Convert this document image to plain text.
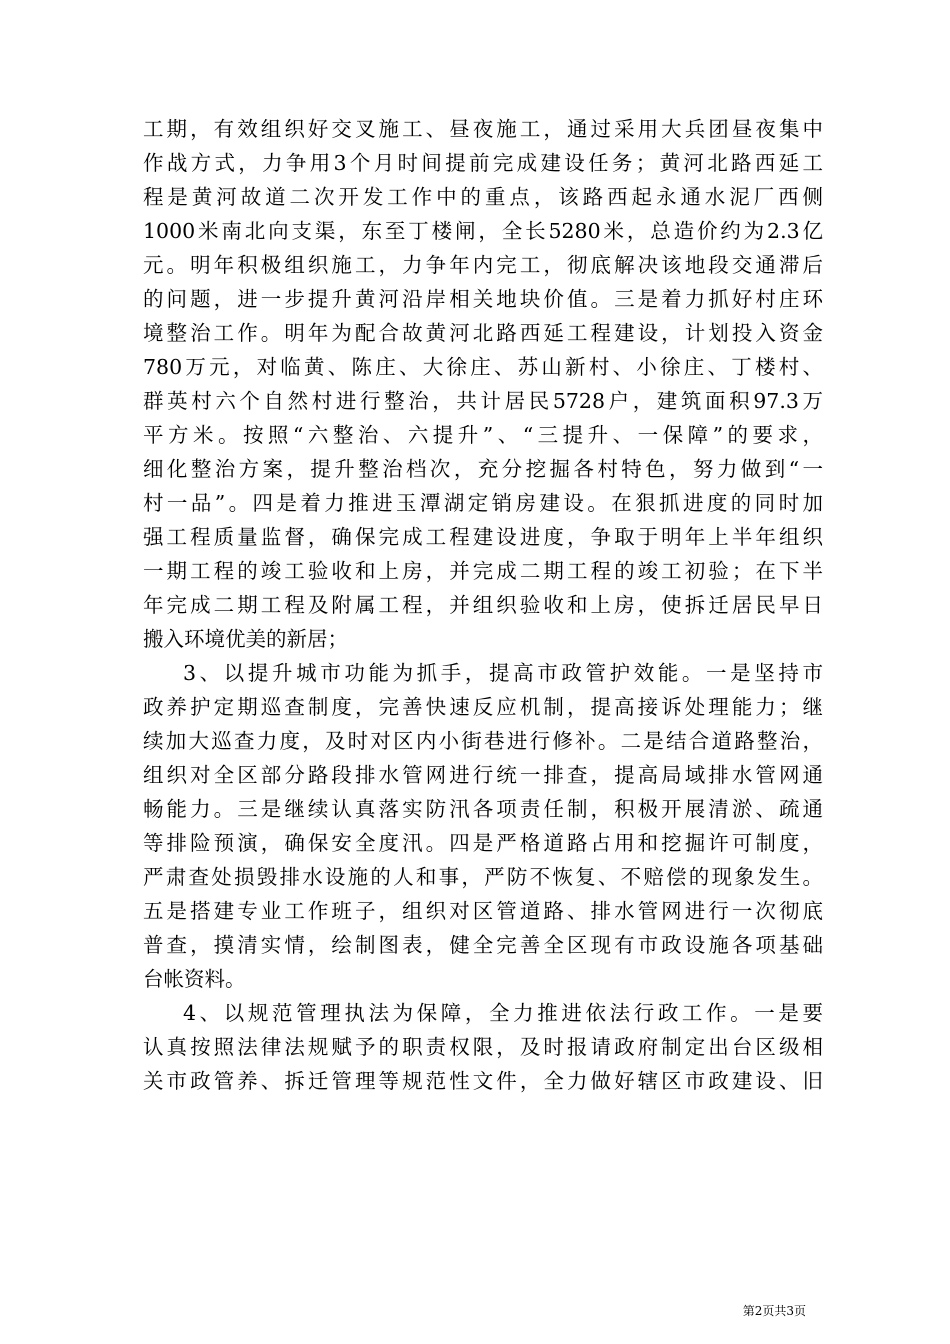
工期，有效组织好交叉施工、昼夜施工，通过采用大兵团昼夜集中
作战方式，力争用3个月时间提前完成建设任务；黄河北路西延工
程是黄河故道二次开发工作中的重点，该路西起永通水泥厂西侧
1000米南北向支渠，东至丁楼闸，全长5280米，总造价约为2.3亿
元。明年积极组织施工，力争年内完工，彻底解决该地段交通滞后
的问题，进一步提升黄河沿岸相关地块价值。三是着力抓好村庄环
境整治工作。明年为配合故黄河北路西延工程建设，计划投入资金
780万元，对临黄、陈庄、大徐庄、苏山新村、小徐庄、丁楼村、
群英村六个自然村进行整治，共计居民5728户，建筑面积97.3万
平方米。按照“六整治、六提升”、“三提升、一保障”的要求，
细化整治方案，提升整治档次，充分挖掘各村特色，努力做到“一
村一品”。四是着力推进玉潭湖定销房建设。在狠抓进度的同时加
强工程质量监督，确保完成工程建设进度，争取于明年上半年组织
一期工程的竣工验收和上房，并完成二期工程的竣工初验；在下半
年完成二期工程及附属工程，并组织验收和上房，使拆迁居民早日
搬入环境优美的新居；
3、以提升城市功能为抓手，提高市政管护效能。一是坚持市
政养护定期巡查制度，完善快速反应机制，提高接诉处理能力；继
续加大巡查力度，及时对区内小街巷进行修补。二是结合道路整治，
组织对全区部分路段排水管网进行统一排查，提高局域排水管网通
畅能力。三是继续认真落实防汛各项责任制，积极开展清淤、疏通
等排险预演，确保安全度汛。四是严格道路占用和挖掘许可制度，
严肃查处损毁排水设施的人和事，严防不恢复、不赔偿的现象发生。
五是搭建专业工作班子，组织对区管道路、排水管网进行一次彻底
普查，摸清实情，绘制图表，健全完善全区现有市政设施各项基础
台帐资料。
4、以规范管理执法为保障，全力推进依法行政工作。一是要
认真按照法律法规赋予的职责权限，及时报请政府制定出台区级相
关市政管养、拆迁管理等规范性文件，全力做好辖区市政建设、旧
第2页共3页
